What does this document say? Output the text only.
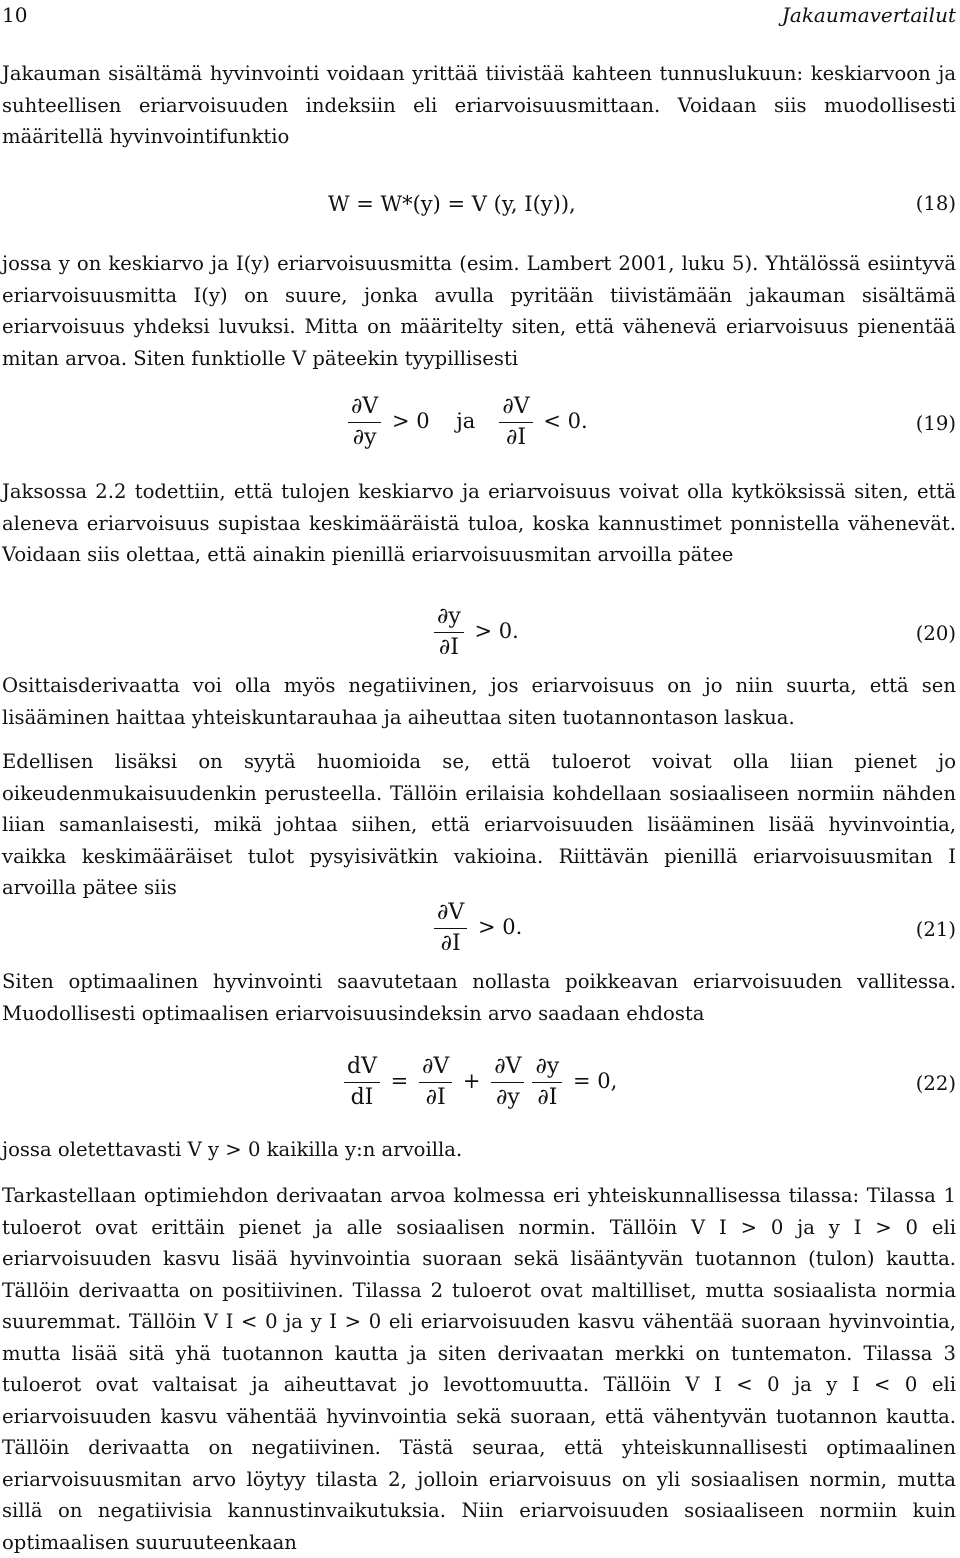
10	Jakaumavertailut

Jakauman sisältämä hyvinvointi voidaan yrittää tiivistää kahteen tunnuslukuun: keskiarvoon ja suhteellisen eriarvoisuuden indeksiin eli eriarvoisuusmittaan. Voidaan siis muodollisesti määritellä hyvinvointifunktio

W = W*(y) = V (y, I(y)),	(18)

jossa y on keskiarvo ja I(y) eriarvoisuusmitta (esim. Lambert 2001, luku 5). Yhtälössä esiintyvä eriarvoisuusmitta I(y) on suure, jonka avulla pyritään tiivistämään jakauman sisältämä eriarvoisuus yhdeksi luvuksi. Mitta on määritelty siten, että vähenevä eriarvoisuus pienentää mitan arvoa. Siten funktiolle V päteekin tyypillisesti

$\frac{\partial V}{\partial y} > 0$ ja $\frac{\partial V}{\partial I} < 0$.	(19)

Jaksossa 2.2 todettiin, että tulojen keskiarvo ja eriarvoisuus voivat olla kytköksissä siten, että aleneva eriarvoisuus supistaa keskimääräistä tuloa, koska kannustimet ponnistella vähenevät. Voidaan siis olettaa, että ainakin pienillä eriarvoisuusmitan arvoilla pätee

$\frac{\partial y}{\partial I} > 0$.	(20)

Osittaisderivaatta voi olla myös negatiivinen, jos eriarvoisuus on jo niin suurta, että sen lisääminen haittaa yhteiskuntarauhaa ja aiheuttaa siten tuotannontason laskua.

Edellisen lisäksi on syytä huomioida se, että tuloerot voivat olla liian pienet jo oikeudenmukaisuudenkin perusteella. Tällöin erilaisia kohdellaan sosiaaliseen normiin nähden liian samanlaisesti, mikä johtaa siihen, että eriarvoisuuden lisääminen lisää hyvinvointia, vaikka keskimääräiset tulot pysyisivätkin vakioina. Riittävän pienillä eriarvoisuusmitan I arvoilla pätee siis

$\frac{\partial V}{\partial I} > 0$.	(21)

Siten optimaalinen hyvinvointi saavutetaan nollasta poikkeavan eriarvoisuuden vallitessa. Muodollisesti optimaalisen eriarvoisuusindeksin arvo saadaan ehdosta

$\frac{dV}{dI} = \frac{\partial V}{\partial I} + \frac{\partial V}{\partial y} \frac{\partial y}{\partial I} = 0$,	(22)

jossa oletettavasti V y > 0 kaikilla y:n arvoilla.

Tarkastellaan optimiehdon derivaatan arvoa kolmessa eri yhteiskunnallisessa tilassa: Tilassa 1 tuloerot ovat erittäin pienet ja alle sosiaalisen normin. Tällöin V I > 0 ja y I > 0 eli eriarvoisuuden kasvu lisää hyvinvointia suoraan sekä lisääntyvän tuotannon (tulon) kautta. Tällöin derivaatta on positiivinen. Tilassa 2 tuloerot ovat maltilliset, mutta sosiaalista normia suuremmat. Tällöin V I < 0 ja y I > 0 eli eriarvoisuuden kasvu vähentää suoraan hyvinvointia, mutta lisää sitä yhä tuotannon kautta ja siten derivaatan merkki on tuntematon. Tilassa 3 tuloerot ovat valtaisat ja aiheuttavat jo levottomuutta. Tällöin V I < 0 ja y I < 0 eli eriarvoisuuden kasvu vähentää hyvinvointia sekä suoraan, että vähentyvän tuotannon kautta. Tällöin derivaatta on negatiivinen. Tästä seuraa, että yhteiskunnallisesti optimaalinen eriarvoisuusmitan arvo löytyy tilasta 2, jolloin eriarvoisuus on yli sosiaalisen normin, mutta sillä on negatiivisia kannustinvaikutuksia. Niin eriarvoisuuden sosiaaliseen normiin kuin optimaalisen suuruuteenkaan
